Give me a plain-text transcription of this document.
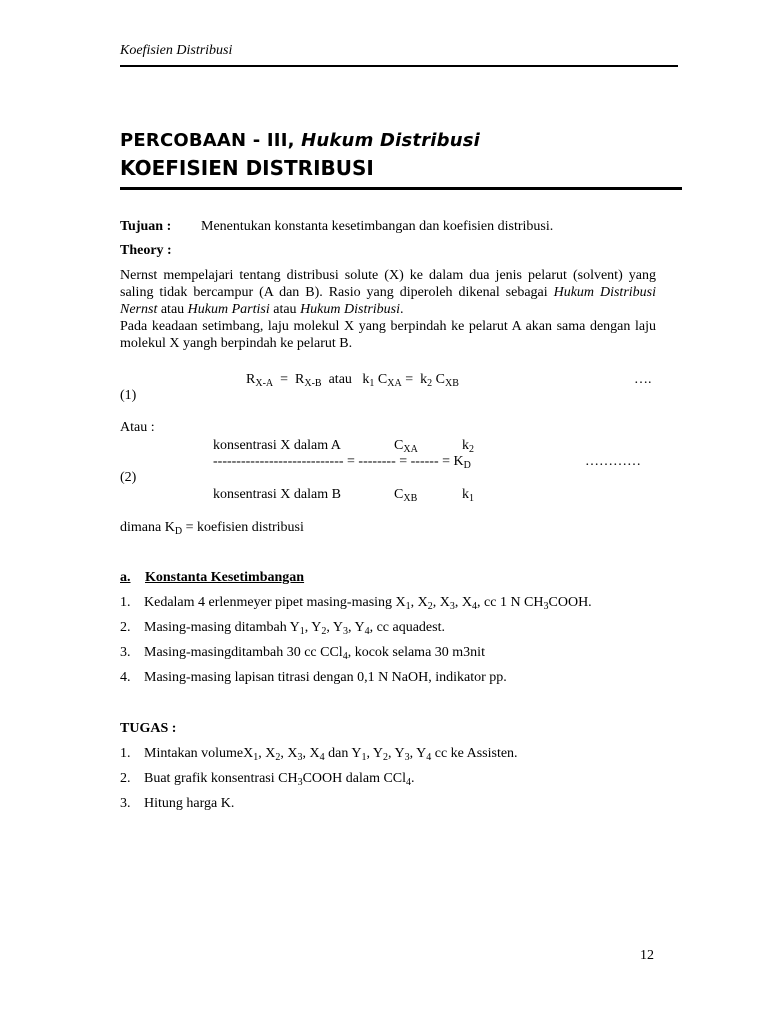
Koefisien Distribusi
PERCOBAAN - III, Hukum Distribusi
KOEFISIEN DISTRIBUSI
Tujuan : Menentukan konstanta kesetimbangan dan koefisien distribusi.
Theory :
Nernst mempelajari tentang distribusi solute (X) ke dalam dua jenis pelarut (solvent) yang saling tidak bercampur (A dan B). Rasio yang diperoleh dikenal sebagai Hukum Distribusi Nernst atau Hukum Partisi atau Hukum Distribusi.
Pada keadaan setimbang, laju molekul X yang berpindah ke pelarut A akan sama dengan laju molekul X yangh berpindah ke pelarut B.
$R_{X-A} = R_{X-B}$  atau   $k_1$ $C_{XA} = k_2$ $C_{XB}$	….
(1)
Atau :
konsentrasi X dalam A	$C_{XA}$	$k_2$
---------------------------- = -------- = ------ = $K_D$	…………
(2)
konsentrasi X dalam B	$C_{XB}$	$k_1$
dimana $K_D$ = koefisien distribusi
a. Konstanta Kesetimbangan
1. Kedalam 4 erlenmeyer pipet masing-masing $X_1$, $X_2$, $X_3$, $X_4$, cc 1 N $CH_3COOH$.
2. Masing-masing ditambah $Y_1$, $Y_2$, $Y_3$, $Y_4$, cc aquadest.
3. Masing-masingditambah 30 cc CCl$_4$, kocok selama 30 m3nit
4. Masing-masing lapisan titrasi dengan 0,1 N NaOH, indikator pp.
TUGAS :
1. Mintakan volumeX$_1$, $X_2$, $X_3$, $X_4$ dan $Y_1$, $Y_2$, $Y_3$, $Y_4$ cc ke Assisten.
2. Buat grafik konsentrasi $CH_3COOH$ dalam CCl$_4$.
3. Hitung harga K.
12
